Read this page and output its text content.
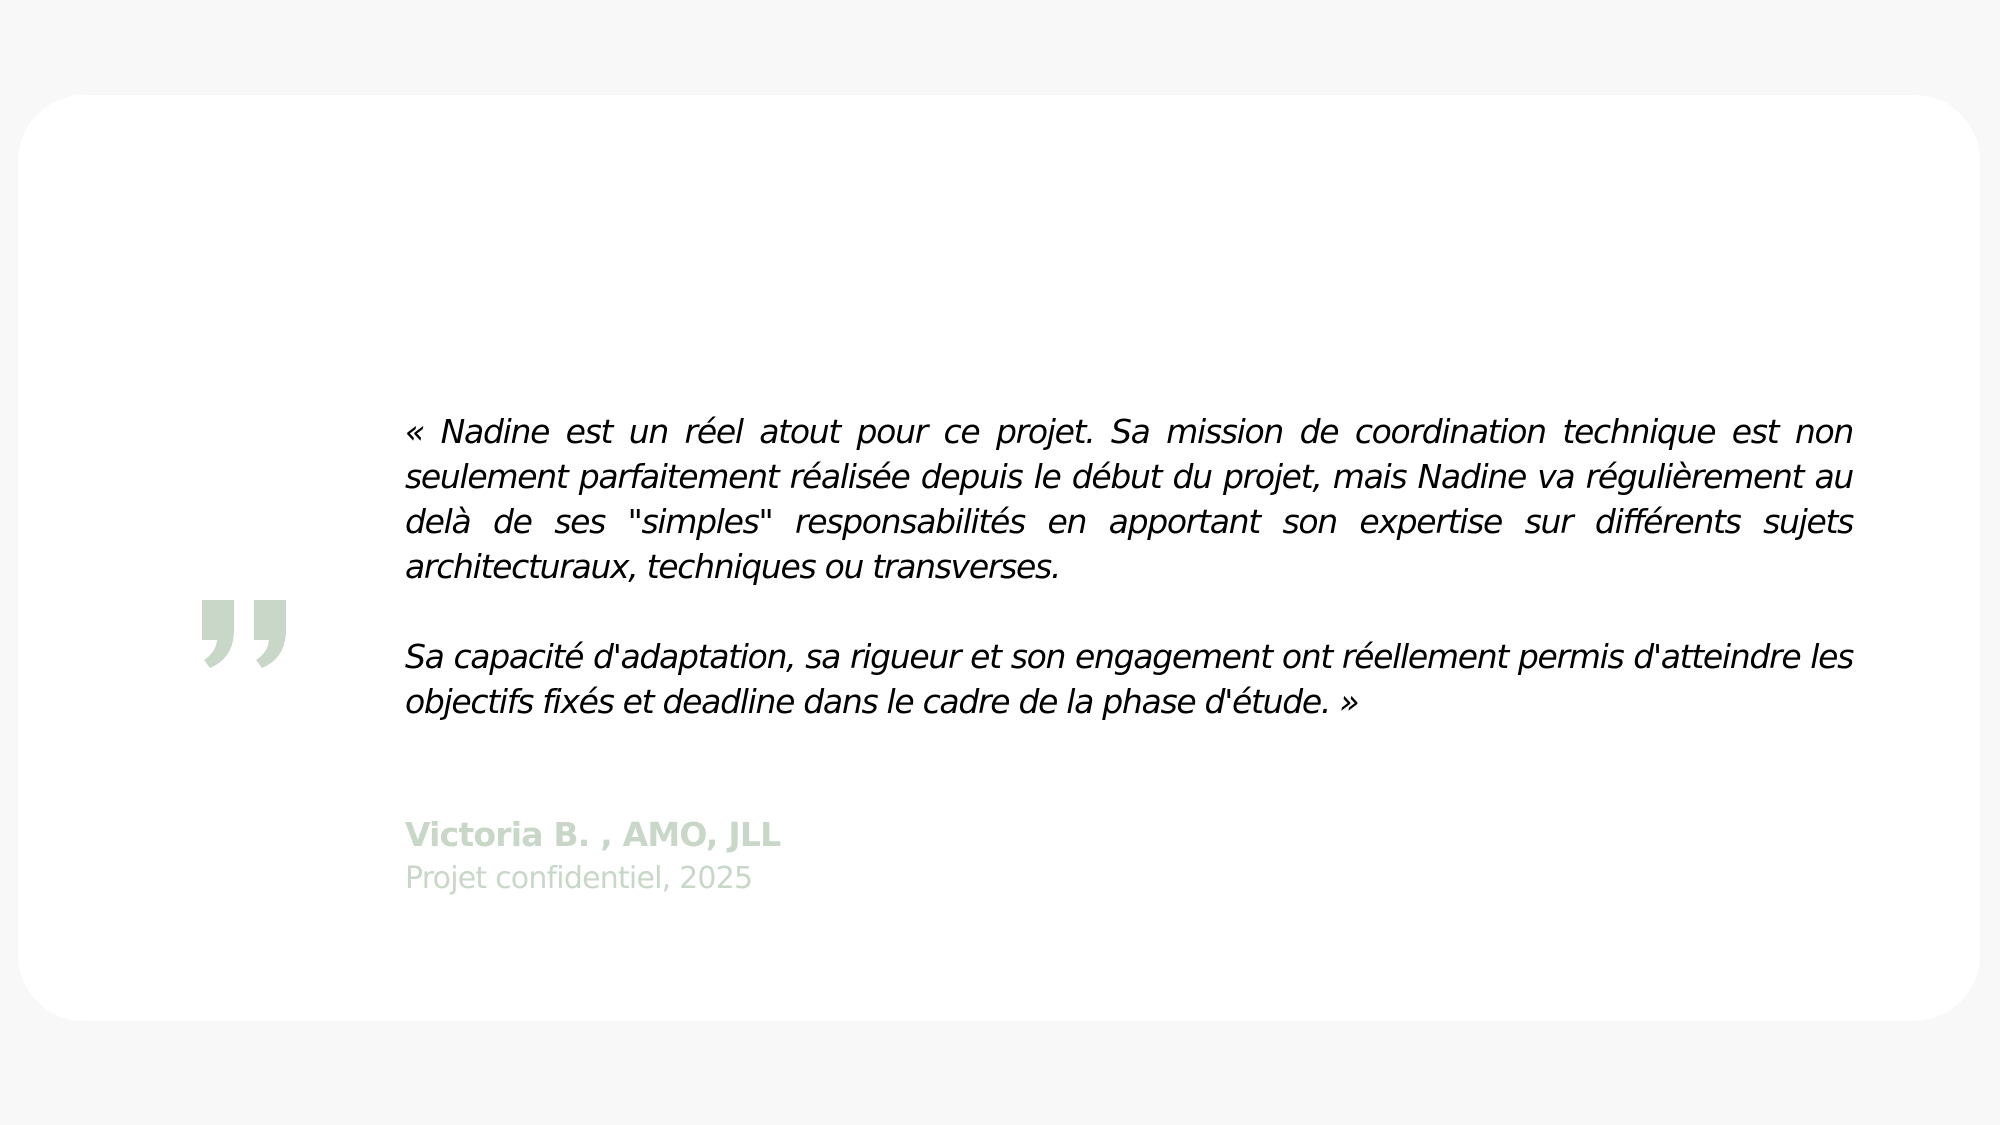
« Nadine est un réel atout pour ce projet. Sa mission de coordination technique est non seulement parfaitement réalisée depuis le début du projet, mais Nadine va régulièrement au delà de ses "simples" responsabilités en apportant son expertise sur différents sujets architecturaux, techniques ou transverses.

Sa capacité d'adaptation, sa rigueur et son engagement ont réellement permis d'atteindre les objectifs fixés et deadline dans le cadre de la phase d'étude. »

Victoria B. , AMO, JLL
Projet confidentiel, 2025
